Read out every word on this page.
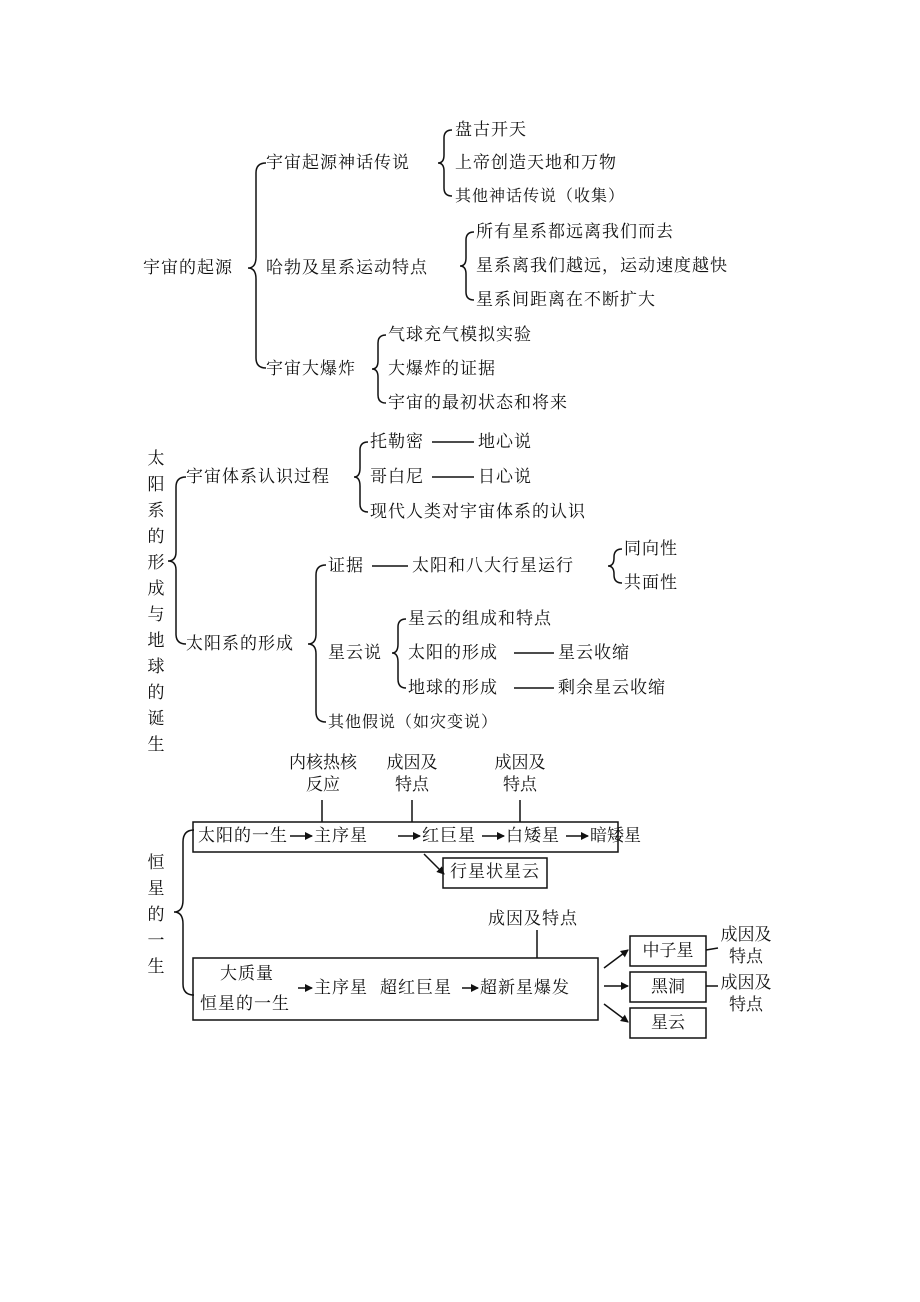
宇宙的起源
宇宙起源神话传说
盘古开天
上帝创造天地和万物
其他神话传说（收集）
哈勃及星系运动特点
所有星系都远离我们而去
星系离我们越远，运动速度越快
星系间距离在不断扩大
宇宙大爆炸
气球充气模拟实验
大爆炸的证据
宇宙的最初状态和将来
太阳系的形成与地球的诞生
宇宙体系认识过程
托勒密	地心说
哥白尼	日心说
现代人类对宇宙体系的认识
太阳系的形成
证据	太阳和八大行星运行
同向性
共面性
星云说
星云的组成和特点
太阳的形成	星云收缩
地球的形成	剩余星云收缩
其他假说（如灾变说）
恒星的一生
内核热核反应
成因及特点
成因及特点
太阳的一生 主序星	红巨星 白矮星 暗矮星
行星状星云
成因及特点
大质量
恒星的一生
主序星 超红巨星 超新星爆发
中子星
黑洞
星云
成因及特点
成因及特点
